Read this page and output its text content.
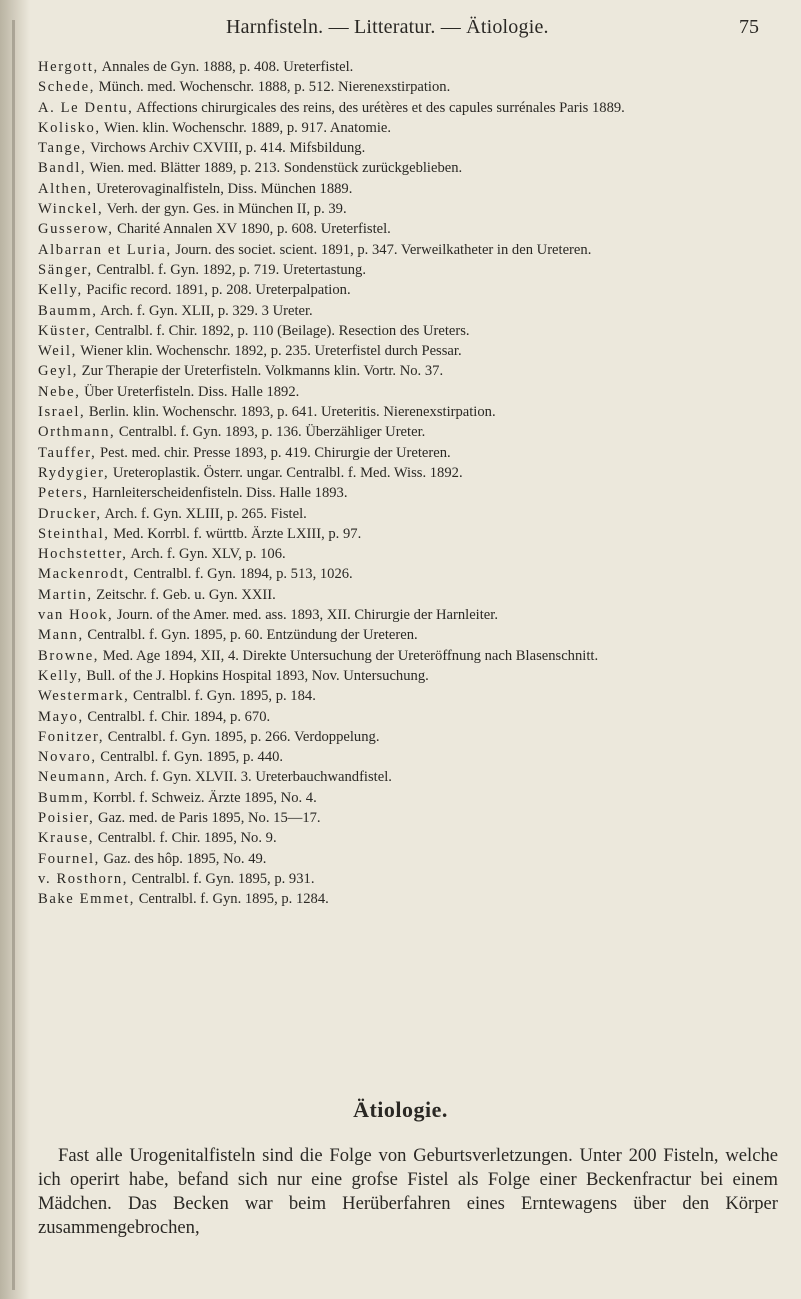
Harnfisteln. — Litteratur. — Ätiologie.	75
Hergott, Annales de Gyn. 1888, p. 408. Ureterfistel.
Schede, Münch. med. Wochenschr. 1888, p. 512. Nierenexstirpation.
A. Le Dentu, Affections chirurgicales des reins, des urétères et des capules surrénales Paris 1889.
Kolisko, Wien. klin. Wochenschr. 1889, p. 917. Anatomie.
Tange, Virchows Archiv CXVIII, p. 414. Mifsbildung.
Bandl, Wien. med. Blätter 1889, p. 213. Sondenstück zurückgeblieben.
Althen, Ureterovaginalfisteln, Diss. München 1889.
Winckel, Verh. der gyn. Ges. in München II, p. 39.
Gusserow, Charité Annalen XV 1890, p. 608. Ureterfistel.
Albarran et Luria, Journ. des societ. scient. 1891, p. 347. Verweilkatheter in den Ureteren.
Sänger, Centralbl. f. Gyn. 1892, p. 719. Uretertastung.
Kelly, Pacific record. 1891, p. 208. Ureterpalpation.
Baumm, Arch. f. Gyn. XLII, p. 329. 3 Ureter.
Küster, Centralbl. f. Chir. 1892, p. 110 (Beilage). Resection des Ureters.
Weil, Wiener klin. Wochenschr. 1892, p. 235. Ureterfistel durch Pessar.
Geyl, Zur Therapie der Ureterfisteln. Volkmanns klin. Vortr. No. 37.
Nebe, Über Ureterfisteln. Diss. Halle 1892.
Israel, Berlin. klin. Wochenschr. 1893, p. 641. Ureteritis. Nierenexstirpation.
Orthmann, Centralbl. f. Gyn. 1893, p. 136. Überzähliger Ureter.
Tauffer, Pest. med. chir. Presse 1893, p. 419. Chirurgie der Ureteren.
Rydygier, Ureteroplastik. Österr. ungar. Centralbl. f. Med. Wiss. 1892.
Peters, Harnleiterscheidenfisteln. Diss. Halle 1893.
Drucker, Arch. f. Gyn. XLIII, p. 265. Fistel.
Steinthal, Med. Korrbl. f. württb. Ärzte LXIII, p. 97.
Hochstetter, Arch. f. Gyn. XLV, p. 106.
Mackenrodt, Centralbl. f. Gyn. 1894, p. 513, 1026.
Martin, Zeitschr. f. Geb. u. Gyn. XXII.
van Hook, Journ. of the Amer. med. ass. 1893, XII. Chirurgie der Harnleiter.
Mann, Centralbl. f. Gyn. 1895, p. 60. Entzündung der Ureteren.
Browne, Med. Age 1894, XII, 4. Direkte Untersuchung der Ureteröffnung nach Blasenschnitt.
Kelly, Bull. of the J. Hopkins Hospital 1893, Nov. Untersuchung.
Westermark, Centralbl. f. Gyn. 1895, p. 184.
Mayo, Centralbl. f. Chir. 1894, p. 670.
Fonitzer, Centralbl. f. Gyn. 1895, p. 266. Verdoppelung.
Novaro, Centralbl. f. Gyn. 1895, p. 440.
Neumann, Arch. f. Gyn. XLVII. 3. Ureterbauchwandfistel.
Bumm, Korrbl. f. Schweiz. Ärzte 1895, No. 4.
Poisier, Gaz. med. de Paris 1895, No. 15—17.
Krause, Centralbl. f. Chir. 1895, No. 9.
Fournel, Gaz. des hôp. 1895, No. 49.
v. Rosthorn, Centralbl. f. Gyn. 1895, p. 931.
Bake Emmet, Centralbl. f. Gyn. 1895, p. 1284.
Ätiologie.

Fast alle Urogenitalfisteln sind die Folge von Geburtsverletzungen. Unter 200 Fisteln, welche ich operirt habe, befand sich nur eine grofse Fistel als Folge einer Beckenfractur bei einem Mädchen. Das Becken war beim Herüberfahren eines Erntewagens über den Körper zusammengebrochen,
